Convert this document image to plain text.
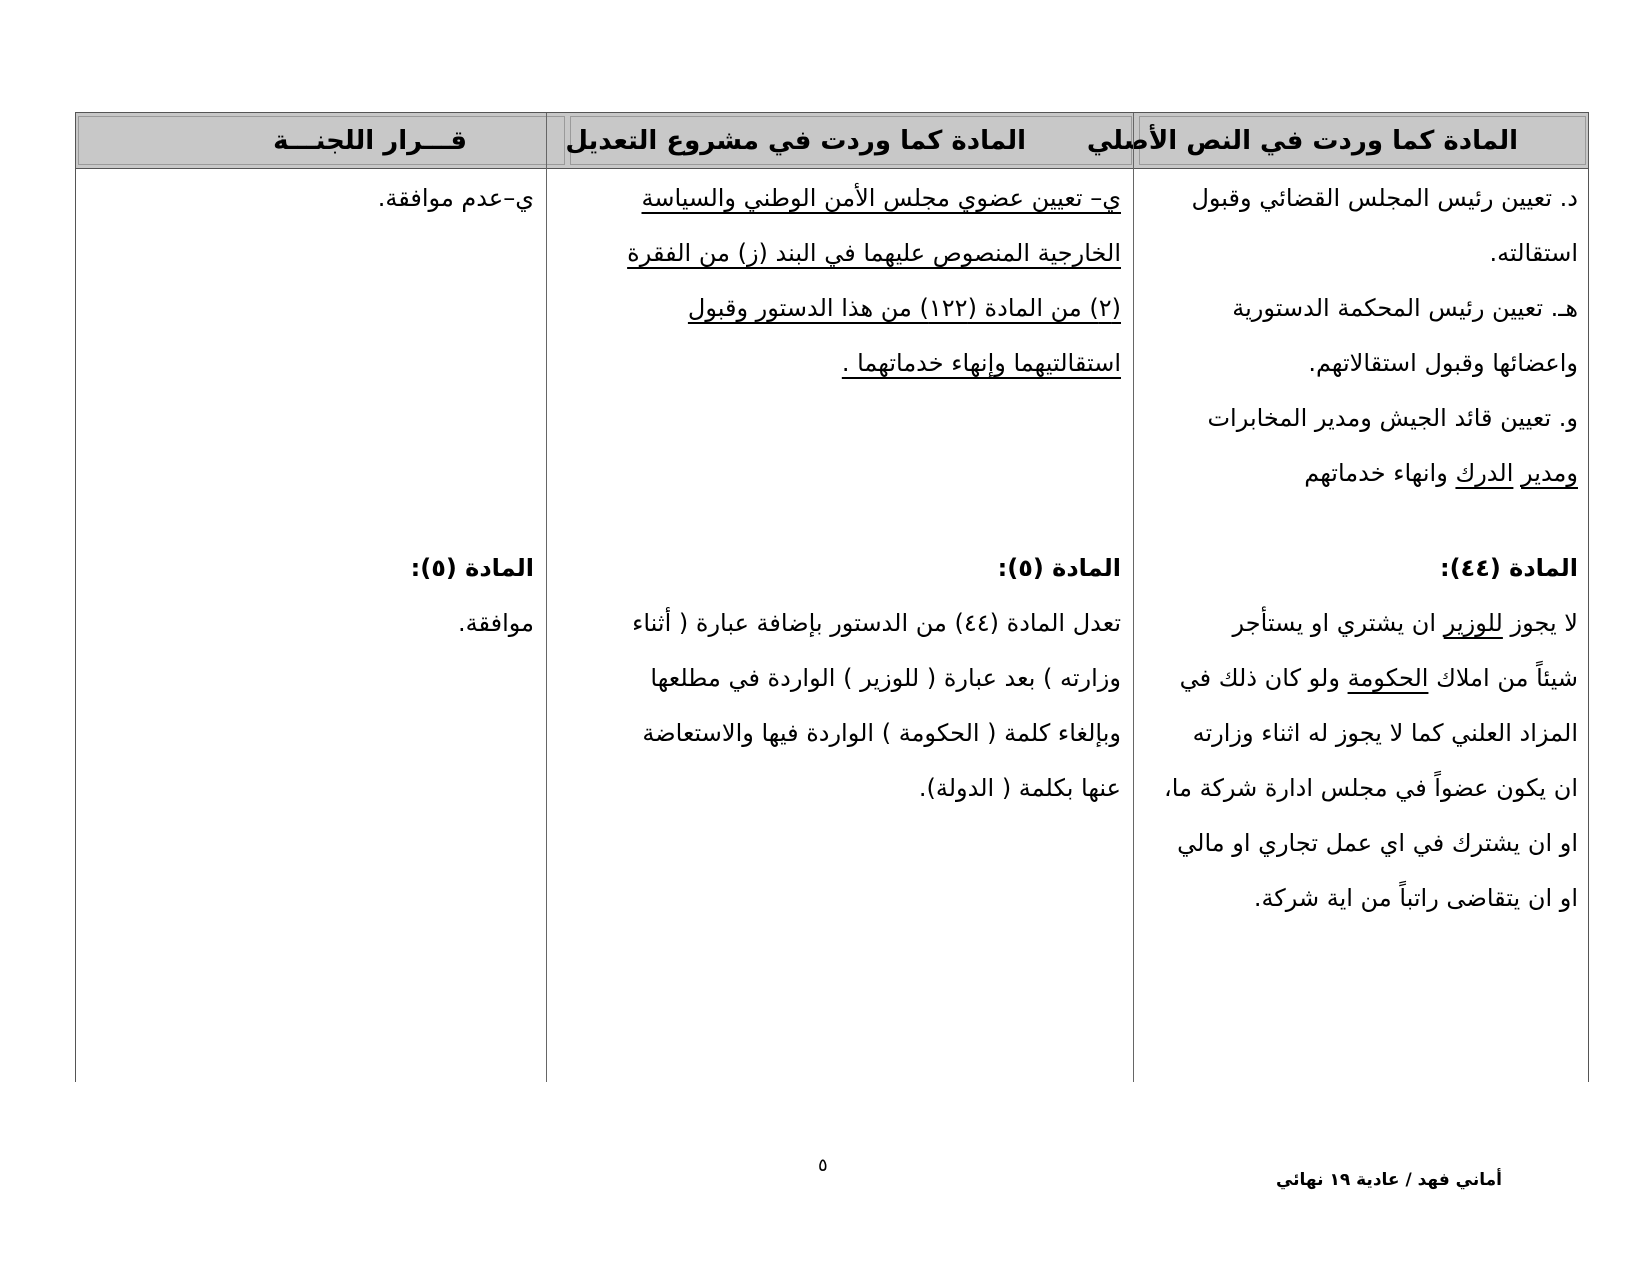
المادة كما وردت في النص الأصلي
المادة كما وردت في مشروع التعديل
قـــرار اللجنـــة
د. تعيين رئيس المجلس القضائي وقبول
استقالته.
هـ. تعيين رئيس المحكمة الدستورية
واعضائها وقبول استقالاتهم.
و. تعيين قائد الجيش ومدير المخابرات
ومدير الدرك وانهاء خدماتهم
المادة (٤٤):
لا يجوز للوزير ان يشتري او يستأجر
شيئاً من املاك الحكومة ولو كان ذلك في
المزاد العلني كما لا يجوز له اثناء وزارته
ان يكون عضواً في مجلس ادارة شركة ما،
او ان يشترك في اي عمل تجاري او مالي
او ان يتقاضى راتباً من اية شركة.
ي– تعيين عضوي مجلس الأمن الوطني والسياسة
الخارجية المنصوص عليهما في البند (ز) من الفقرة
(٢) من المادة (١٢٢) من هذا الدستور وقبول
استقالتيهما وإنهاء خدماتهما .
المادة (٥):
تعدل المادة (٤٤) من الدستور بإضافة عبارة ( أثناء
وزارته ) بعد عبارة ( للوزير ) الواردة في مطلعها
وبإلغاء كلمة ( الحكومة ) الواردة فيها والاستعاضة
عنها بكلمة ( الدولة).
ي–عدم موافقة.
المادة (٥):
موافقة.
٥
أماني فهد / عادية ١٩ نهائي
